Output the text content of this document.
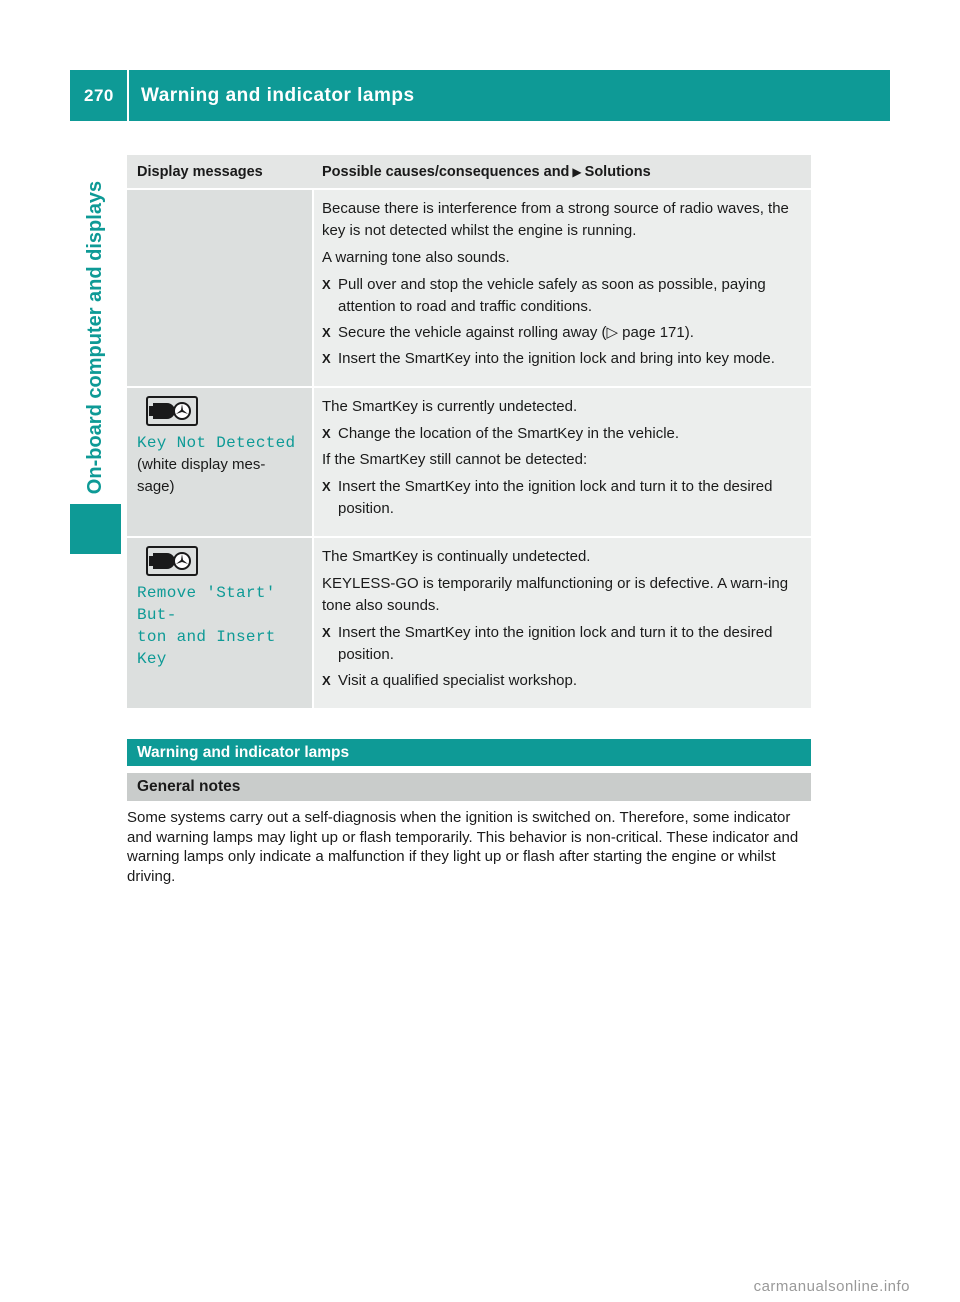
270	Warning and indicator lamps
On-board computer and displays
Display messages	Possible causes/consequences and ▶ Solutions
Because there is interference from a strong source of radio waves, the key is not detected whilst the engine is running.
A warning tone also sounds.
X Pull over and stop the vehicle safely as soon as possible, paying attention to road and traffic conditions.
X Secure the vehicle against rolling away (▷ page 171).
X Insert the SmartKey into the ignition lock and bring into key mode.
Key Not Detected
(white display mes-sage)
The SmartKey is currently undetected.
X Change the location of the SmartKey in the vehicle.
If the SmartKey still cannot be detected:
X Insert the SmartKey into the ignition lock and turn it to the desired position.
Remove 'Start' But‐
ton and Insert Key
The SmartKey is continually undetected.
KEYLESS-GO is temporarily malfunctioning or is defective. A warn-ing tone also sounds.
X Insert the SmartKey into the ignition lock and turn it to the desired position.
X Visit a qualified specialist workshop.
Warning and indicator lamps
General notes
Some systems carry out a self-diagnosis when the ignition is switched on. Therefore, some indicator and warning lamps may light up or flash temporarily. This behavior is non-critical. These indicator and warning lamps only indicate a malfunction if they light up or flash after starting the engine or whilst driving.
carmanualsonline.info
